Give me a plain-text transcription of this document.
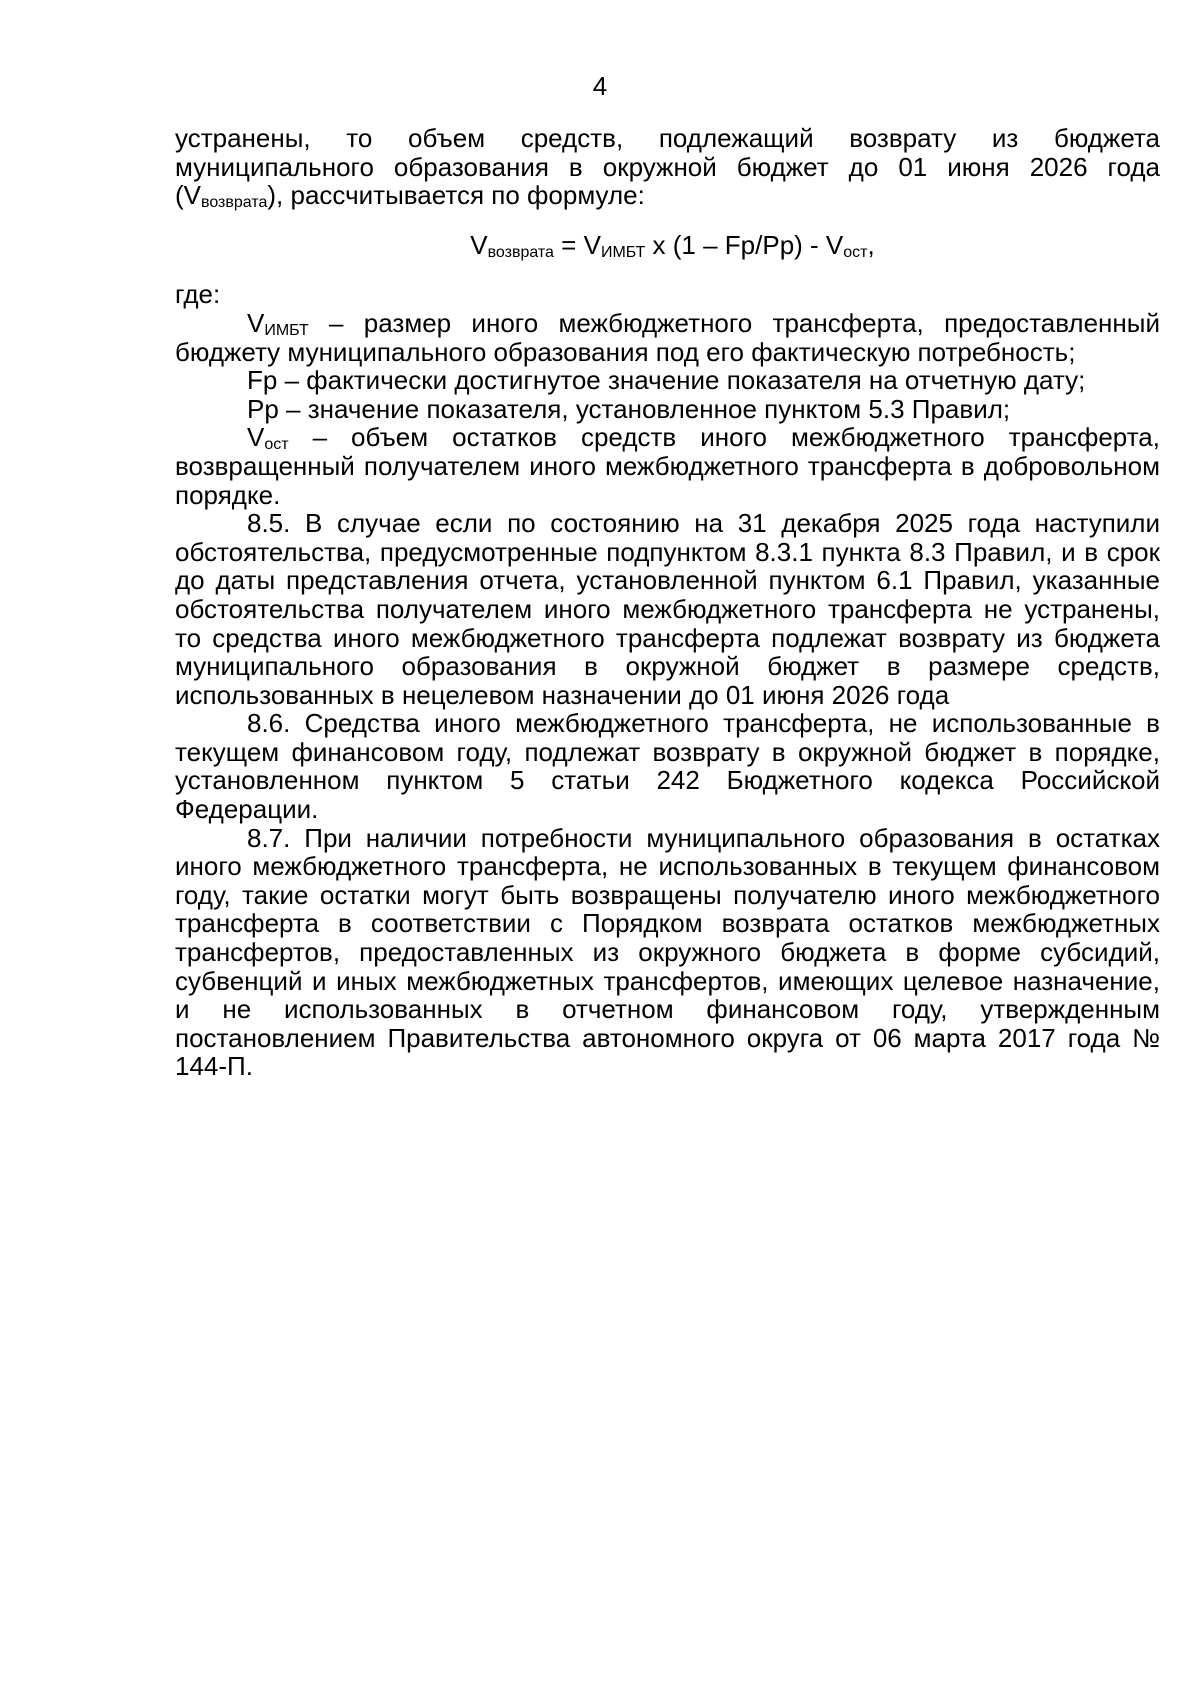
4

устранены, то объем средств, подлежащий возврату из бюджета муниципального образования в окружной бюджет до 01 июня 2026 года $(V_{возврата})$, рассчитывается по формуле:

$V_{возврата} = V_{ИМБТ}$ х $(1 - Fp/Pp) - V_{ост}$,

где:

$V_{ИМБТ}$ – размер иного межбюджетного трансферта, предоставленный бюджету муниципального образования под его фактическую потребность;

Fp – фактически достигнутое значение показателя на отчетную дату;

Pp – значение показателя, установленное пунктом 5.3 Правил;

$V_{ост}$ – объем остатков средств иного межбюджетного трансферта, возвращенный получателем иного межбюджетного трансферта в добровольном порядке.

8.5. В случае если по состоянию на 31 декабря 2025 года наступили обстоятельства, предусмотренные подпунктом 8.3.1 пункта 8.3 Правил, и в срок до даты представления отчета, установленной пунктом 6.1 Правил, указанные обстоятельства получателем иного межбюджетного трансферта не устранены, то средства иного межбюджетного трансферта подлежат возврату из бюджета муниципального образования в окружной бюджет в размере средств, использованных в нецелевом назначении до 01 июня 2026 года

8.6. Средства иного межбюджетного трансферта, не использованные в текущем финансовом году, подлежат возврату в окружной бюджет в порядке, установленном пунктом 5 статьи 242 Бюджетного кодекса Российской Федерации.

8.7. При наличии потребности муниципального образования в остатках иного межбюджетного трансферта, не использованных в текущем финансовом году, такие остатки могут быть возвращены получателю иного межбюджетного трансферта в соответствии с Порядком возврата остатков межбюджетных трансфертов, предоставленных из окружного бюджета в форме субсидий, субвенций и иных межбюджетных трансфертов, имеющих целевое назначение, и не использованных в отчетном финансовом году, утвержденным постановлением Правительства автономного округа от 06 марта 2017 года № 144-П.
